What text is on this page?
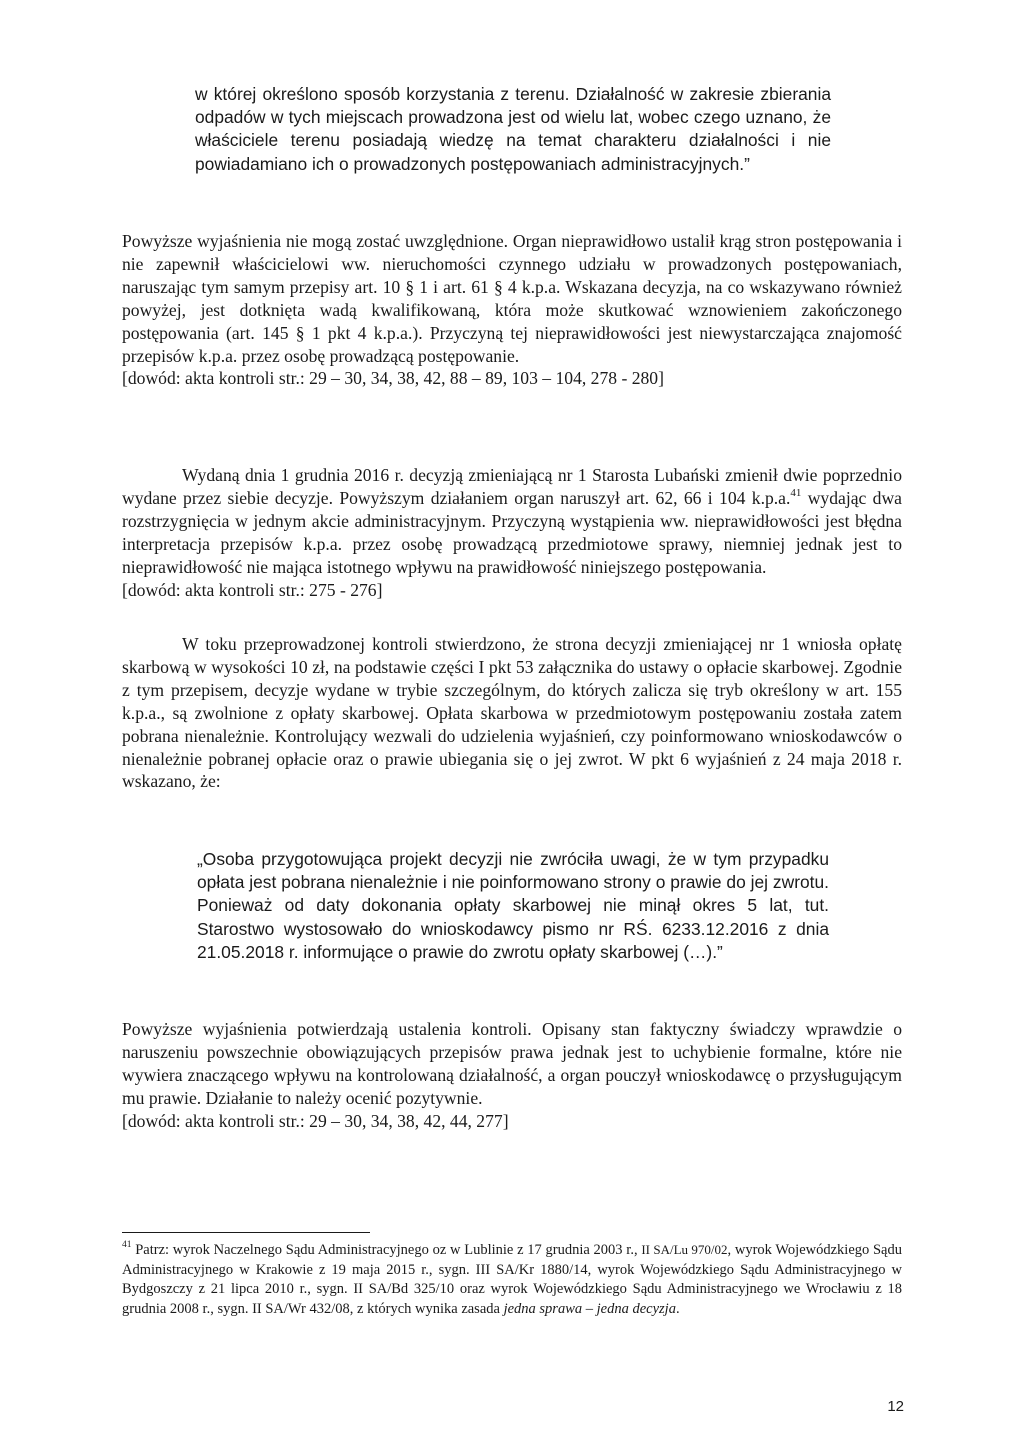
w której określono sposób korzystania z terenu. Działalność w zakresie zbierania odpadów w tych miejscach prowadzona jest od wielu lat, wobec czego uznano, że właściciele terenu posiadają wiedzę na temat charakteru działalności i nie powiadamiano ich o prowadzonych postępowaniach administracyjnych.”

Powyższe wyjaśnienia nie mogą zostać uwzględnione. Organ nieprawidłowo ustalił krąg stron postępowania i nie zapewnił właścicielowi ww. nieruchomości czynnego udziału w prowadzonych postępowaniach, naruszając tym samym przepisy art. 10 § 1 i art. 61 § 4 k.p.a. Wskazana decyzja, na co wskazywano również powyżej, jest dotknięta wadą kwalifikowaną, która może skutkować wznowieniem zakończonego postępowania (art. 145 § 1 pkt 4 k.p.a.). Przyczyną tej nieprawidłowości jest niewystarczająca znajomość przepisów k.p.a. przez osobę prowadzącą postępowanie.
[dowód: akta kontroli str.: 29 – 30, 34, 38, 42, 88 – 89, 103 – 104, 278 - 280]

Wydaną dnia 1 grudnia 2016 r. decyzją zmieniającą nr 1 Starosta Lubański zmienił dwie poprzednio wydane przez siebie decyzje. Powyższym działaniem organ naruszył art. 62, 66 i 104 k.p.a.$^{41}$ wydając dwa rozstrzygnięcia w jednym akcie administracyjnym. Przyczyną wystąpienia ww. nieprawidłowości jest błędna interpretacja przepisów k.p.a. przez osobę prowadzącą przedmiotowe sprawy, niemniej jednak jest to nieprawidłowość nie mająca istotnego wpływu na prawidłowość niniejszego postępowania.
[dowód: akta kontroli str.: 275 - 276]

W toku przeprowadzonej kontroli stwierdzono, że strona decyzji zmieniającej nr 1 wniosła opłatę skarbową w wysokości 10 zł, na podstawie części I pkt 53 załącznika do ustawy o opłacie skarbowej. Zgodnie z tym przepisem, decyzje wydane w trybie szczególnym, do których zalicza się tryb określony w art. 155 k.p.a., są zwolnione z opłaty skarbowej. Opłata skarbowa w przedmiotowym postępowaniu została zatem pobrana nienależnie. Kontrolujący wezwali do udzielenia wyjaśnień, czy poinformowano wnioskodawców o nienależnie pobranej opłacie oraz o prawie ubiegania się o jej zwrot. W pkt 6 wyjaśnień z 24 maja 2018 r. wskazano, że:

„Osoba przygotowująca projekt decyzji nie zwróciła uwagi, że w tym przypadku opłata jest pobrana nienależnie i nie poinformowano strony o prawie do jej zwrotu. Ponieważ od daty dokonania opłaty skarbowej nie minął okres 5 lat, tut. Starostwo wystosowało do wnioskodawcy pismo nr RŚ. 6233.12.2016 z dnia 21.05.2018 r. informujące o prawie do zwrotu opłaty skarbowej (…).”

Powyższe wyjaśnienia potwierdzają ustalenia kontroli. Opisany stan faktyczny świadczy wprawdzie o naruszeniu powszechnie obowiązujących przepisów prawa jednak jest to uchybienie formalne, które nie wywiera znaczącego wpływu na kontrolowaną działalność, a organ pouczył wnioskodawcę o przysługującym mu prawie. Działanie to należy ocenić pozytywnie.
[dowód: akta kontroli str.: 29 – 30, 34, 38, 42, 44, 277]

$^{41}$ Patrz: wyrok Naczelnego Sądu Administracyjnego oz w Lublinie z 17 grudnia 2003 r., II SA/Lu 970/02, wyrok Wojewódzkiego Sądu Administracyjnego w Krakowie z 19 maja 2015 r., sygn. III SA/Kr 1880/14, wyrok Wojewódzkiego Sądu Administracyjnego w Bydgoszczy z 21 lipca 2010 r., sygn. II SA/Bd 325/10 oraz wyrok Wojewódzkiego Sądu Administracyjnego we Wrocławiu z 18 grudnia 2008 r., sygn. II SA/Wr 432/08, z których wynika zasada jedna sprawa – jedna decyzja.

12
